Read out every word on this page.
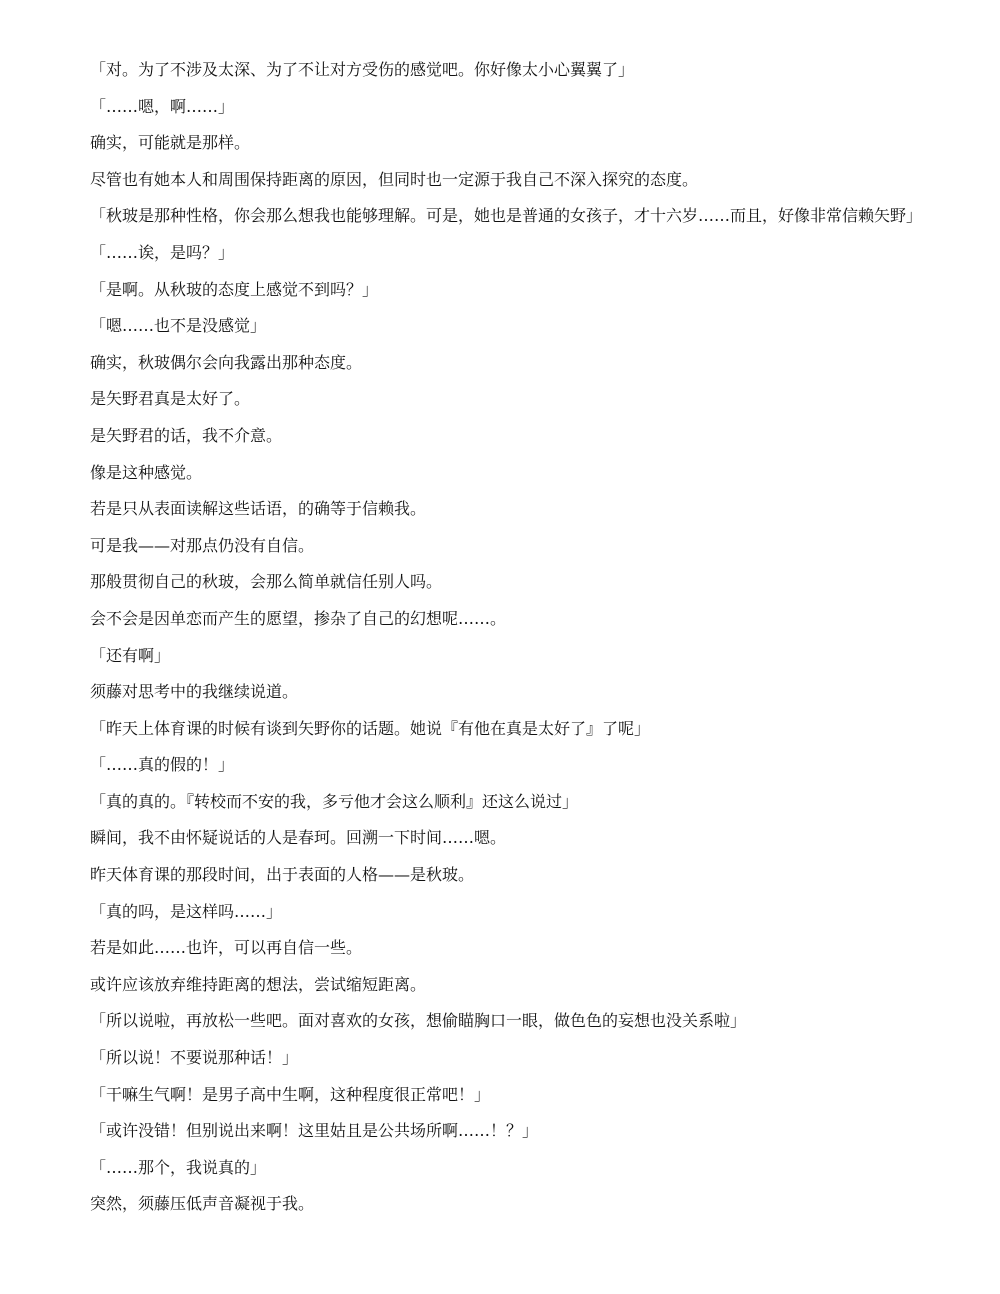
「对。为了不涉及太深、为了不让对方受伤的感觉吧。你好像太小心翼翼了」
「……嗯，啊……」
确实，可能就是那样。
尽管也有她本人和周围保持距离的原因，但同时也一定源于我自己不深入探究的态度。
「秋玻是那种性格，你会那么想我也能够理解。可是，她也是普通的女孩子，才十六岁……而且，好像非常信赖矢野」
「……诶，是吗？」
「是啊。从秋玻的态度上感觉不到吗？」
「嗯……也不是没感觉」
确实，秋玻偶尔会向我露出那种态度。
是矢野君真是太好了。
是矢野君的话，我不介意。
像是这种感觉。
若是只从表面读解这些话语，的确等于信赖我。
可是我——对那点仍没有自信。
那般贯彻自己的秋玻，会那么简单就信任别人吗。
会不会是因单恋而产生的愿望，掺杂了自己的幻想呢……。
「还有啊」
须藤对思考中的我继续说道。
「昨天上体育课的时候有谈到矢野你的话题。她说『有他在真是太好了』了呢」
「……真的假的！」
「真的真的。『转校而不安的我，多亏他才会这么顺利』还这么说过」
瞬间，我不由怀疑说话的人是春珂。回溯一下时间……嗯。
昨天体育课的那段时间，出于表面的人格——是秋玻。
「真的吗，是这样吗……」
若是如此……也许，可以再自信一些。
或许应该放弃维持距离的想法，尝试缩短距离。
「所以说啦，再放松一些吧。面对喜欢的女孩，想偷瞄胸口一眼，做色色的妄想也没关系啦」
「所以说！不要说那种话！」
「干嘛生气啊！是男子高中生啊，这种程度很正常吧！」
「或许没错！但别说出来啊！这里姑且是公共场所啊……！？」
「……那个，我说真的」
突然，须藤压低声音凝视于我。
